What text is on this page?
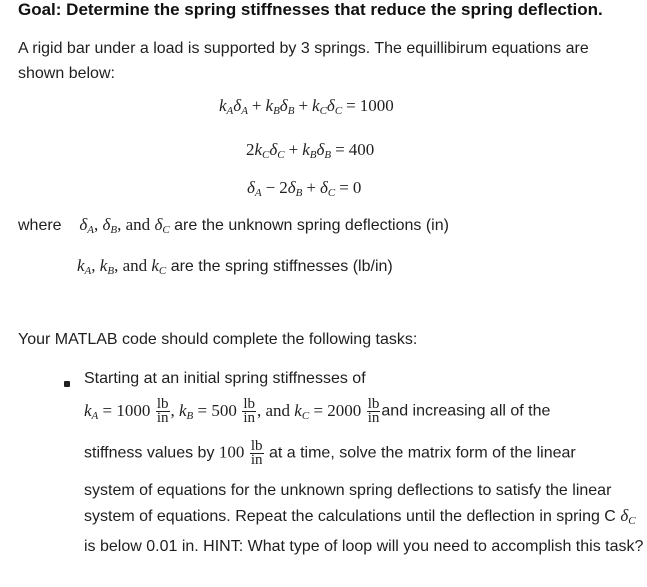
Goal: Determine the spring stiffnesses that reduce the spring deflection.
A rigid bar under a load is supported by 3 springs. The equillibirum equations are shown below:
$k_A\delta_A + k_B\delta_B + k_C\delta_C = 1000$
$2k_C\delta_C + k_B\delta_B = 400$
$\delta_A - 2\delta_B + \delta_C = 0$
where $\delta_A$, $\delta_B$, and $\delta_C$ are the unknown spring deflections (in)
$k_A$, $k_B$, and $k_C$ are the spring stiffnesses (lb/in)
Your MATLAB code should complete the following tasks:
Starting at an initial spring stiffnesses of
$k_A = 1000 \frac{lb}{in}$ , $k_B = 500 \frac{lb}{in}$ , and $k_C = 2000 \frac{lb}{in}$ and increasing all of the
stiffness values by $100 \frac{lb}{in}$ at a time, solve the matrix form of the linear
system of equations for the unknown spring deflections to satisfy the linear system of equations. Repeat the calculations until the deflection in spring C $\delta_C$ is below 0.01 in. HINT: What type of loop will you need to accomplish this task?
